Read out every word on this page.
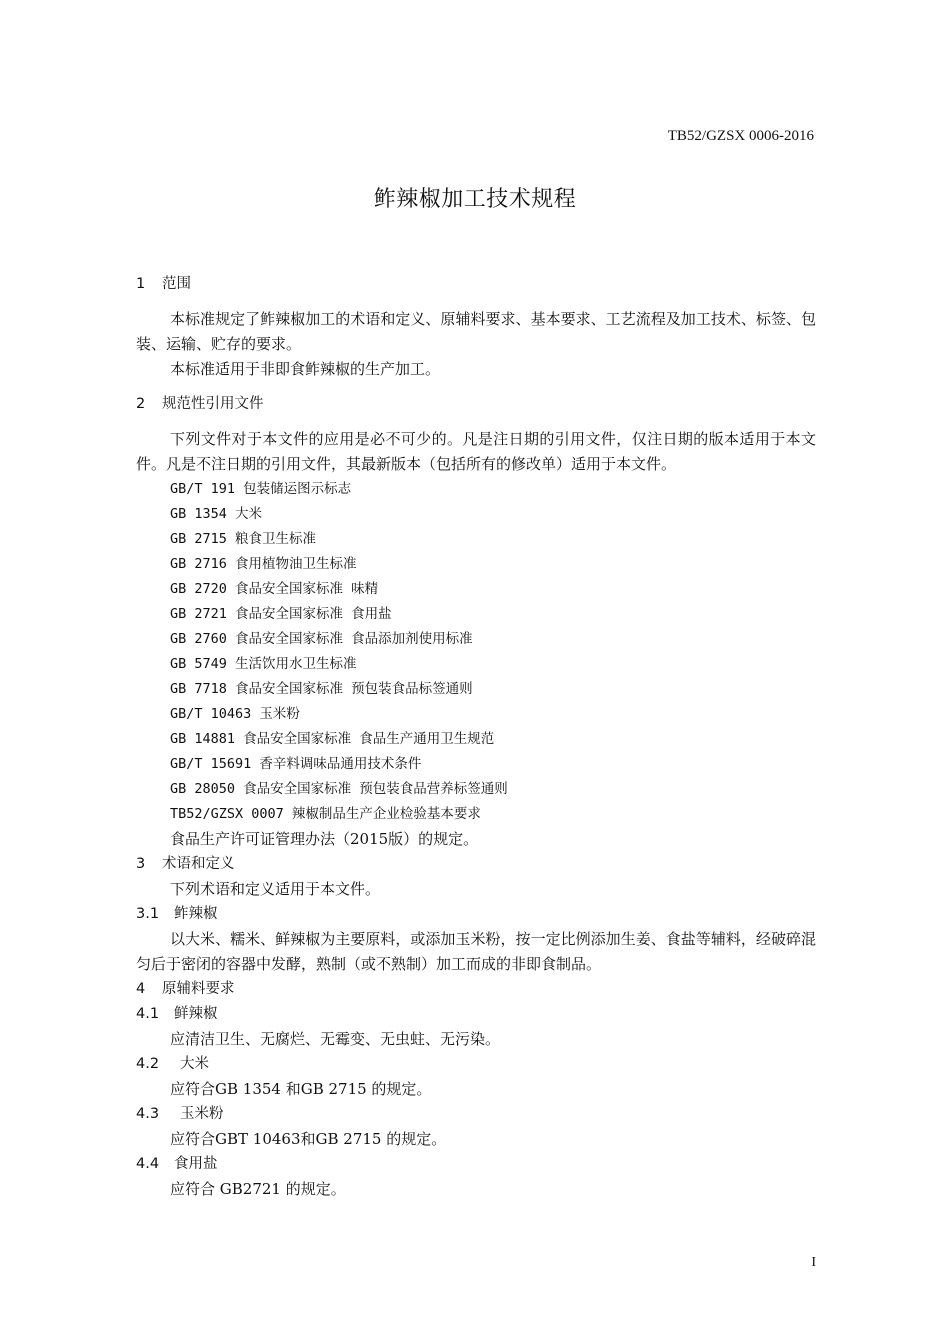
TB52/GZSX 0006-2016
鲊辣椒加工技术规程
1 范围

本标准规定了鲊辣椒加工的术语和定义、原辅料要求、基本要求、工艺流程及加工技术、标签、包装、运输、贮存的要求。

本标准适用于非即食鲊辣椒的生产加工。

2 规范性引用文件

下列文件对于本文件的应用是必不可少的。凡是注日期的引用文件，仅注日期的版本适用于本文件。凡是不注日期的引用文件，其最新版本（包括所有的修改单）适用于本文件。

GB/T 191 包装储运图示标志

GB 1354 大米

GB 2715 粮食卫生标准

GB 2716 食用植物油卫生标准

GB 2720 食品安全国家标准 味精

GB 2721 食品安全国家标准 食用盐

GB 2760 食品安全国家标准 食品添加剂使用标准

GB 5749 生活饮用水卫生标准

GB 7718 食品安全国家标准 预包装食品标签通则

GB/T 10463 玉米粉

GB 14881 食品安全国家标准 食品生产通用卫生规范

GB/T 15691 香辛料调味品通用技术条件

GB 28050 食品安全国家标准 预包装食品营养标签通则

TB52/GZSX 0007 辣椒制品生产企业检验基本要求

食品生产许可证管理办法（2015版）的规定。

3 术语和定义

下列术语和定义适用于本文件。

3.1 鲊辣椒

以大米、糯米、鲜辣椒为主要原料，或添加玉米粉，按一定比例添加生姜、食盐等辅料，经破碎混匀后于密闭的容器中发酵，熟制（或不熟制）加工而成的非即食制品。

4 原辅料要求
4.1 鲜辣椒

应清洁卫生、无腐烂、无霉变、无虫蛀、无污染。

4.2 大米

应符合GB 1354 和GB 2715 的规定。

4.3 玉米粉

应符合GBT 10463和GB 2715 的规定。

4.4 食用盐

应符合 GB2721 的规定。

I
